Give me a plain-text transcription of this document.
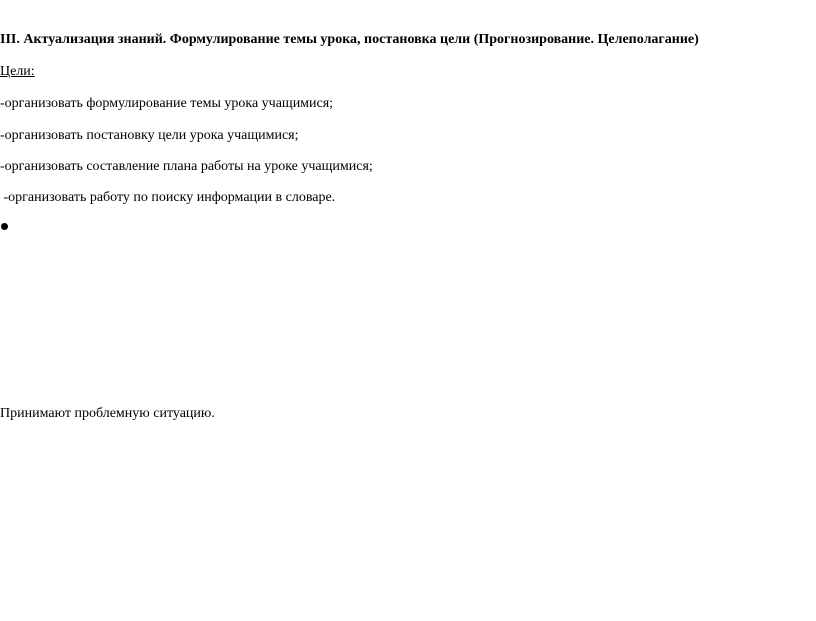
III. Актуализация знаний. Формулирование темы урока, постановка цели (Прогнозирование. Целеполагание)
Цели:
-организовать формулирование темы урока учащимися;
-организовать постановку цели урока учащимися;
-организовать составление плана работы на уроке учащимися;
-организовать работу по поиску информации в словаре.
Принимают проблемную ситуацию.
